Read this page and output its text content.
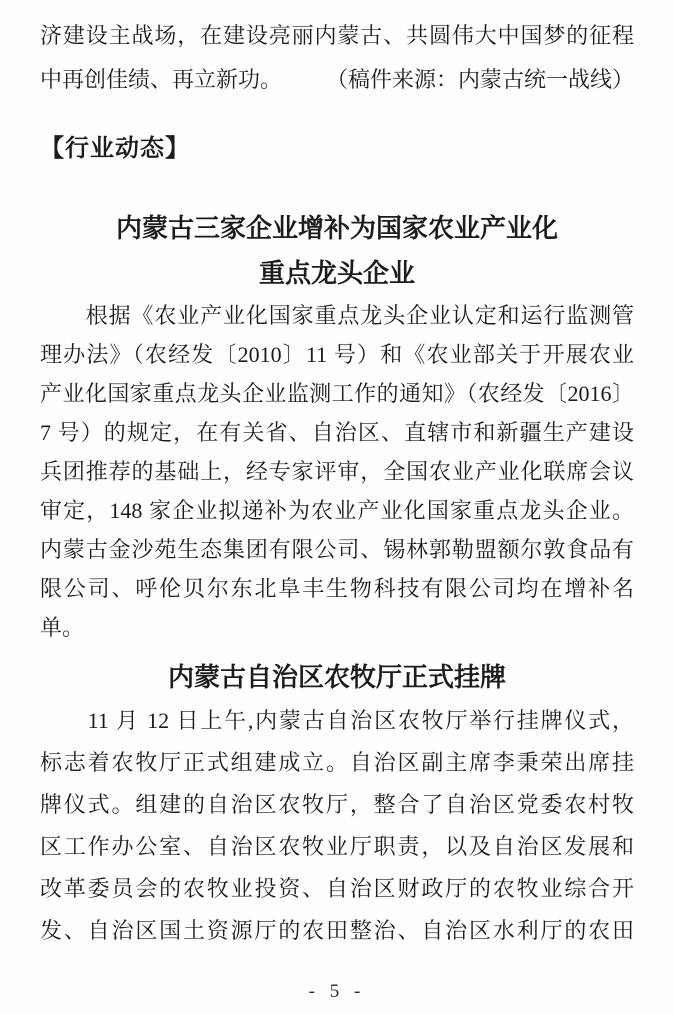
济建设主战场，在建设亮丽内蒙古、共圆伟大中国梦的征程
中再创佳绩、再立新功。 （稿件来源：内蒙古统一战线）
【行业动态】
内蒙古三家企业增补为国家农业产业化
重点龙头企业
　　根据《农业产业化国家重点龙头企业认定和运行监测管
理办法》（农经发〔2010〕11 号）和《农业部关于开展农业
产业化国家重点龙头企业监测工作的通知》（农经发〔2016〕
7 号）的规定，在有关省、自治区、直辖市和新疆生产建设
兵团推荐的基础上，经专家评审，全国农业产业化联席会议
审定，148 家企业拟递补为农业产业化国家重点龙头企业。
内蒙古金沙苑生态集团有限公司、锡林郭勒盟额尔敦食品有
限公司、呼伦贝尔东北阜丰生物科技有限公司均在增补名
单。
内蒙古自治区农牧厅正式挂牌
　　11 月 12 日上午,内蒙古自治区农牧厅举行挂牌仪式，
标志着农牧厅正式组建成立。自治区副主席李秉荣出席挂
牌仪式。组建的自治区农牧厅，整合了自治区党委农村牧
区工作办公室、自治区农牧业厅职责，以及自治区发展和
改革委员会的农牧业投资、自治区财政厅的农牧业综合开
发、自治区国土资源厅的农田整治、自治区水利厅的农田
- 5 -
